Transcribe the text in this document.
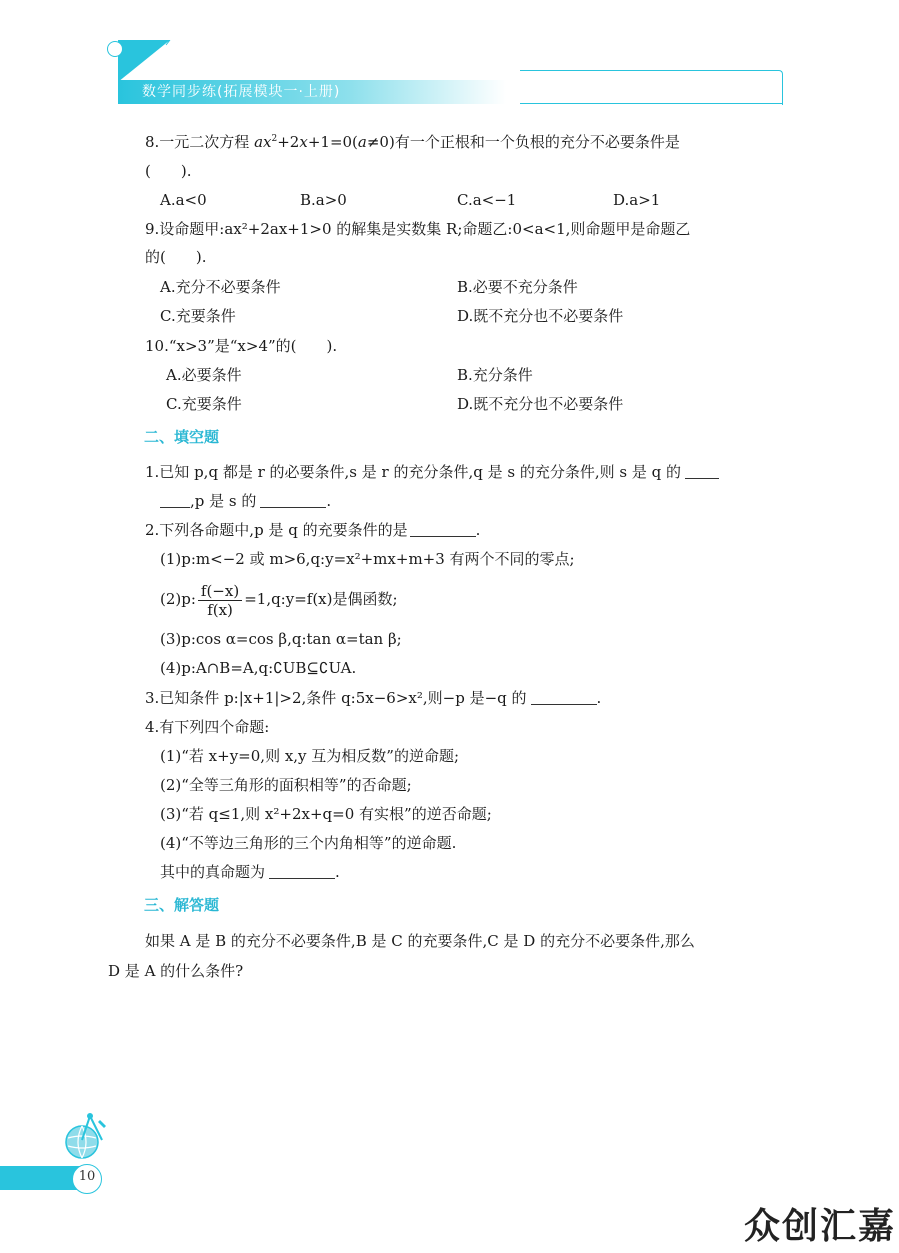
数学同步练(拓展模块一·上册)
8.一元二次方程 $ax^2+2x+1=0(a\ne 0)$有一个正根和一个负根的充分不必要条件是
(　　).
A.a<0	B.a>0	C.a<−1	D.a>1
9.设命题甲:ax²+2ax+1>0 的解集是实数集 R;命题乙:0<a<1,则命题甲是命题乙
的(　　).
A.充分不必要条件	B.必要不充分条件
C.充要条件	D.既不充分也不必要条件
10.“x>3”是“x>4”的(　　).
A.必要条件	B.充分条件
C.充要条件	D.既不充分也不必要条件
二、填空题
1.已知 p,q 都是 r 的必要条件,s 是 r 的充分条件,q 是 s 的充分条件,则 s 是 q 的
,p 是 s 的	.
2.下列各命题中,p 是 q 的充要条件的是	.
(1)p:m<−2 或 m>6,q:y=x²+mx+m+3 有两个不同的零点;
(2)p: $\frac{f(-x)}{f(x)}$ =1,q:y=f(x)是偶函数;
(3)p:cos α=cos β,q:tan α=tan β;
(4)p:A∩B=A,q:∁UB⊆∁UA.
3.已知条件 p:|x+1|>2,条件 q:5x−6>x²,则−p 是−q 的	.
4.有下列四个命题:
(1)“若 x+y=0,则 x,y 互为相反数”的逆命题;
(2)“全等三角形的面积相等”的否命题;
(3)“若 q≤1,则 x²+2x+q=0 有实根”的逆否命题;
(4)“不等边三角形的三个内角相等”的逆命题.
其中的真命题为	.
三、解答题
如果 A 是 B 的充分不必要条件,B 是 C 的充要条件,C 是 D 的充分不必要条件,那么
D 是 A 的什么条件?
10
众创汇嘉
